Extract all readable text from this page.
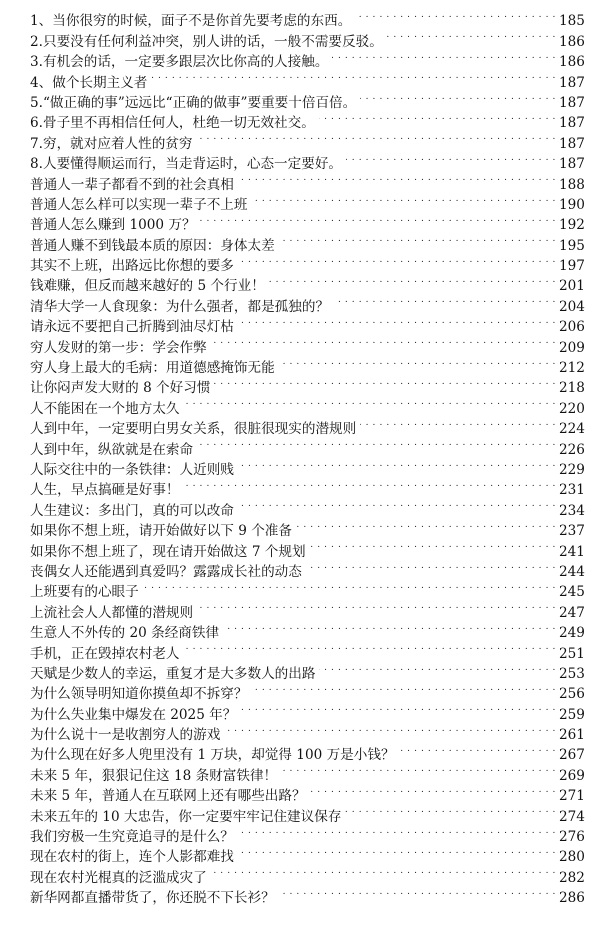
1、当你很穷的时候，面子不是你首先要考虑的东西。 . . .	185
2.只要没有任何利益冲突，别人讲的话，一般不需要反驳。 . . .	186
3.有机会的话，一定要多跟层次比你高的人接触。 . . .	186
4、做个长期主义者 . . .	187
5.“做正确的事”远远比“正确的做事”要重要十倍百倍。 . . .	187
6.骨子里不再相信任何人，杜绝一切无效社交。 . . .	187
7.穷，就对应着人性的贫穷 . . .	187
8.人要懂得顺运而行，当走背运时，心态一定要好。 . . .	187
普通人一辈子都看不到的社会真相 . . .	188
普通人怎么样可以实现一辈子不上班 . . .	190
普通人怎么赚到 1000 万？ . . .	192
普通人赚不到钱最本质的原因：身体太差 . . .	195
其实不上班，出路远比你想的要多 . . .	197
钱难赚，但反而越来越好的 5 个行业！ . . .	201
清华大学一人食现象：为什么强者，都是孤独的？ . . .	204
请永远不要把自己折腾到油尽灯枯 . . .	206
穷人发财的第一步：学会作弊 . . .	209
穷人身上最大的毛病：用道德感掩饰无能 . . .	212
让你闷声发大财的 8 个好习惯 . . .	218
人不能困在一个地方太久 . . .	220
人到中年，一定要明白男女关系，很脏很现实的潜规则 . . .	224
人到中年，纵欲就是在索命 . . .	226
人际交往中的一条铁律：人近则贱 . . .	229
人生，早点搞砸是好事！ . . .	231
人生建议：多出门，真的可以改命 . . .	234
如果你不想上班，请开始做好以下 9 个准备 . . .	237
如果你不想上班了，现在请开始做这 7 个规划 . . .	241
丧偶女人还能遇到真爱吗？露露成长社的动态 . . .	244
上班要有的心眼子 . . .	245
上流社会人人都懂的潜规则 . . .	247
生意人不外传的 20 条经商铁律 . . .	249
手机，正在毁掉农村老人 . . .	251
天赋是少数人的幸运，重复才是大多数人的出路 . . .	253
为什么领导明知道你摸鱼却不拆穿？ . . .	256
为什么失业集中爆发在 2025 年？ . . .	259
为什么说十一是收割穷人的游戏 . . .	261
为什么现在好多人兜里没有 1 万块，却觉得 100 万是小钱？ . . .	267
未来 5 年，狠狠记住这 18 条财富铁律！ . . .	269
未来 5 年，普通人在互联网上还有哪些出路？ . . .	271
未来五年的 10 大忠告，你一定要牢牢记住建议保存 . . .	274
我们穷极一生究竟追寻的是什么？ . . .	276
现在农村的街上，连个人影都难找 . . .	280
现在农村光棍真的泛滥成灾了 . . .	282
新华网都直播带货了，你还脱不下长衫？ . . .	286
